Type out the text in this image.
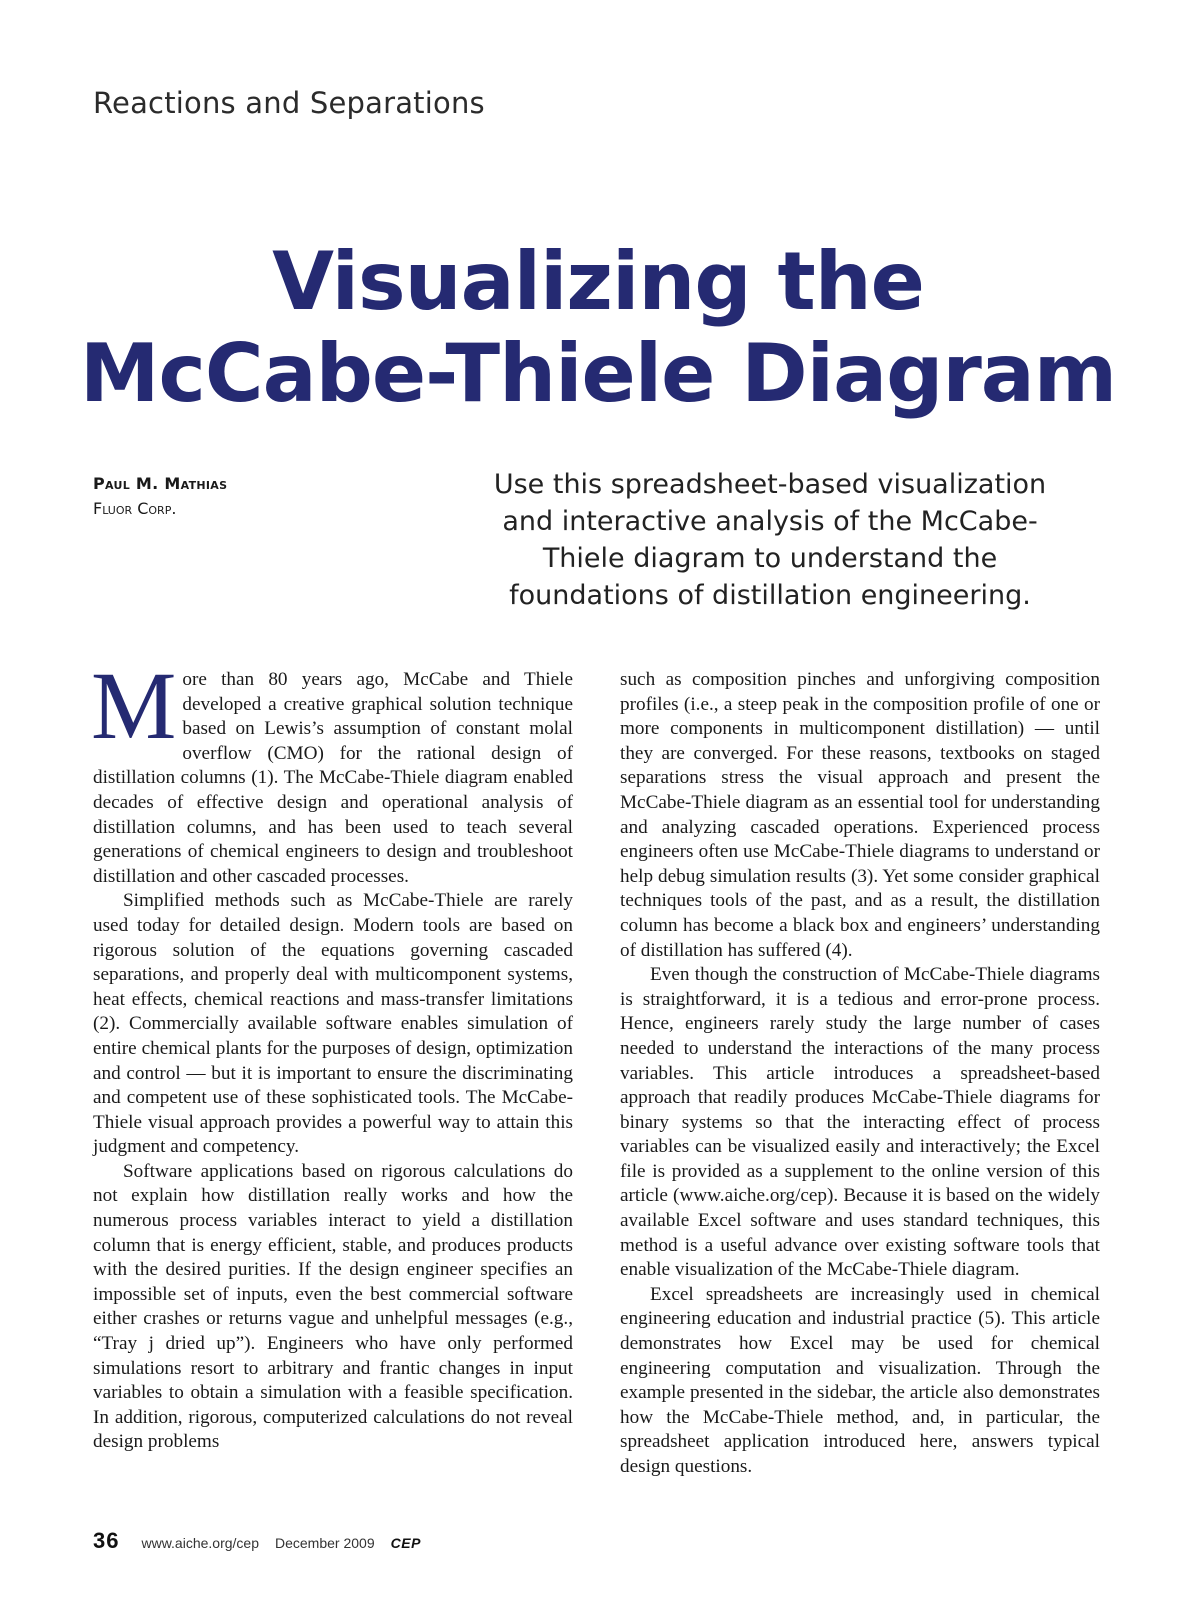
Reactions and Separations
Visualizing the
McCabe-Thiele Diagram
Paul M. Mathias
Fluor Corp.
Use this spreadsheet-based visualization and interactive analysis of the McCabe-Thiele diagram to understand the foundations of distillation engineering.

More than 80 years ago, McCabe and Thiele developed a creative graphical solution technique based on Lewis’s assumption of constant molal overflow (CMO) for the rational design of distillation columns (1). The McCabe-Thiele diagram enabled decades of effective design and operational analysis of distillation columns, and has been used to teach several generations of chemical engineers to design and troubleshoot distillation and other cascaded processes.

Simplified methods such as McCabe-Thiele are rarely used today for detailed design. Modern tools are based on rigorous solution of the equations governing cascaded separations, and properly deal with multicomponent systems, heat effects, chemical reactions and mass-transfer limitations (2). Commercially available software enables simulation of entire chemical plants for the purposes of design, optimization and control — but it is important to ensure the discriminating and competent use of these sophisticated tools. The McCabe-Thiele visual approach provides a powerful way to attain this judgment and competency.

Software applications based on rigorous calculations do not explain how distillation really works and how the numerous process variables interact to yield a distillation column that is energy efficient, stable, and produces products with the desired purities. If the design engineer specifies an impossible set of inputs, even the best commercial software either crashes or returns vague and unhelpful messages (e.g., “Tray j dried up”). Engineers who have only performed simulations resort to arbitrary and frantic changes in input variables to obtain a simulation with a feasible specification. In addition, rigorous, computerized calculations do not reveal design problems

such as composition pinches and unforgiving composition profiles (i.e., a steep peak in the composition profile of one or more components in multicomponent distillation) — until they are converged. For these reasons, textbooks on staged separations stress the visual approach and present the McCabe-Thiele diagram as an essential tool for understanding and analyzing cascaded operations. Experienced process engineers often use McCabe-Thiele diagrams to understand or help debug simulation results (3). Yet some consider graphical techniques tools of the past, and as a result, the distillation column has become a black box and engineers’ understanding of distillation has suffered (4).

Even though the construction of McCabe-Thiele diagrams is straightforward, it is a tedious and error-prone process. Hence, engineers rarely study the large number of cases needed to understand the interactions of the many process variables. This article introduces a spreadsheet-based approach that readily produces McCabe-Thiele diagrams for binary systems so that the interacting effect of process variables can be visualized easily and interactively; the Excel file is provided as a supplement to the online version of this article (www.aiche.org/cep). Because it is based on the widely available Excel software and uses standard techniques, this method is a useful advance over existing software tools that enable visualization of the McCabe-Thiele diagram.

Excel spreadsheets are increasingly used in chemical engineering education and industrial practice (5). This article demonstrates how Excel may be used for chemical engineering computation and visualization. Through the example presented in the sidebar, the article also demonstrates how the McCabe-Thiele method, and, in particular, the spreadsheet application introduced here, answers typical design questions.

36 www.aiche.org/cep December 2009 CEP
